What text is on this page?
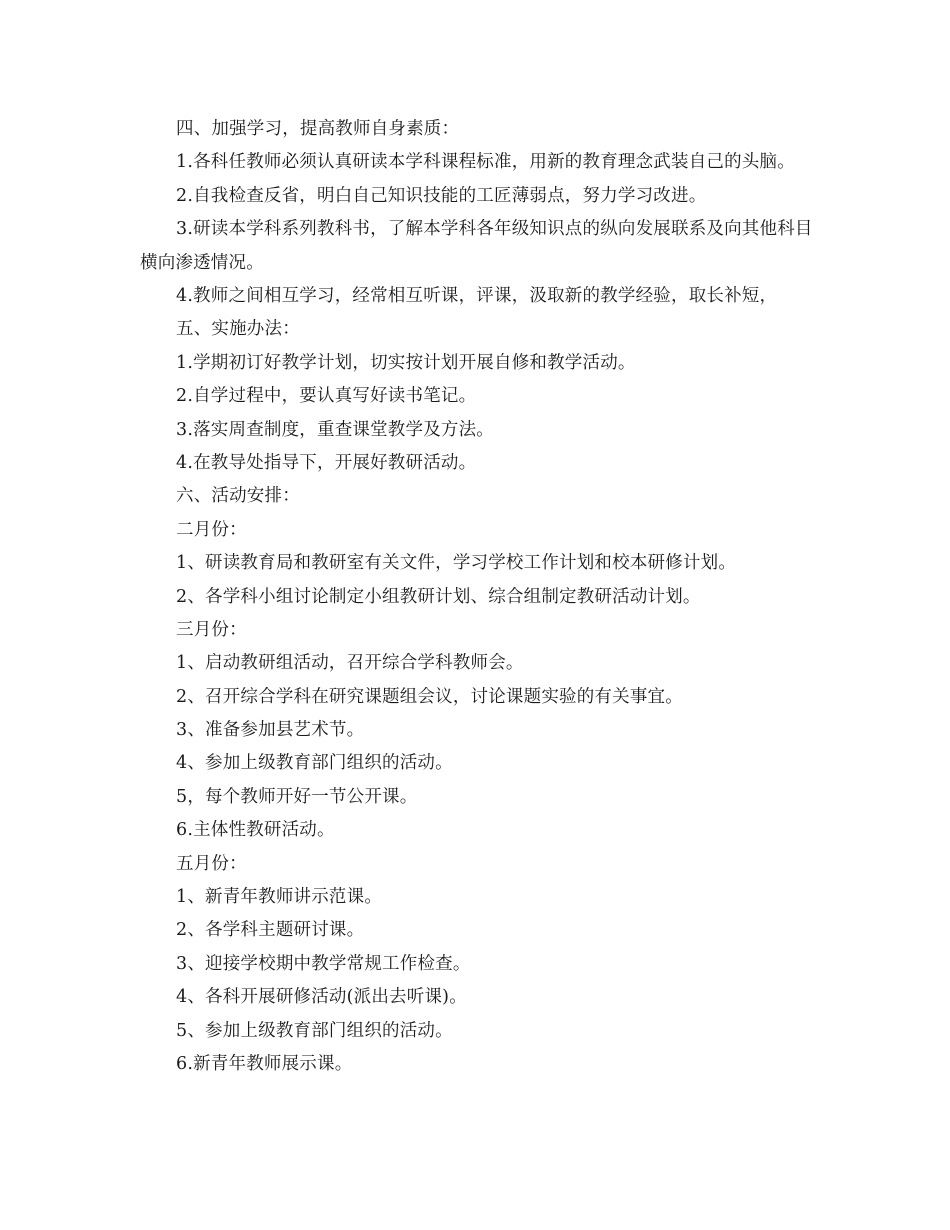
四、加强学习，提高教师自身素质：
1.各科任教师必须认真研读本学科课程标准，用新的教育理念武装自己的头脑。
2.自我检查反省，明白自己知识技能的工匠薄弱点，努力学习改进。
3.研读本学科系列教科书，了解本学科各年级知识点的纵向发展联系及向其他科目横向渗透情况。
4.教师之间相互学习，经常相互听课，评课，汲取新的教学经验，取长补短，
五、实施办法：
1.学期初订好教学计划，切实按计划开展自修和教学活动。
2.自学过程中，要认真写好读书笔记。
3.落实周查制度，重查课堂教学及方法。
4.在教导处指导下，开展好教研活动。
六、活动安排：
二月份：
1、研读教育局和教研室有关文件，学习学校工作计划和校本研修计划。
2、各学科小组讨论制定小组教研计划、综合组制定教研活动计划。
三月份：
1、启动教研组活动，召开综合学科教师会。
2、召开综合学科在研究课题组会议，讨论课题实验的有关事宜。
3、准备参加县艺术节。
4、参加上级教育部门组织的活动。
5，每个教师开好一节公开课。
6.主体性教研活动。
五月份：
1、新青年教师讲示范课。
2、各学科主题研讨课。
3、迎接学校期中教学常规工作检查。
4、各科开展研修活动(派出去听课)。
5、参加上级教育部门组织的活动。
6.新青年教师展示课。
